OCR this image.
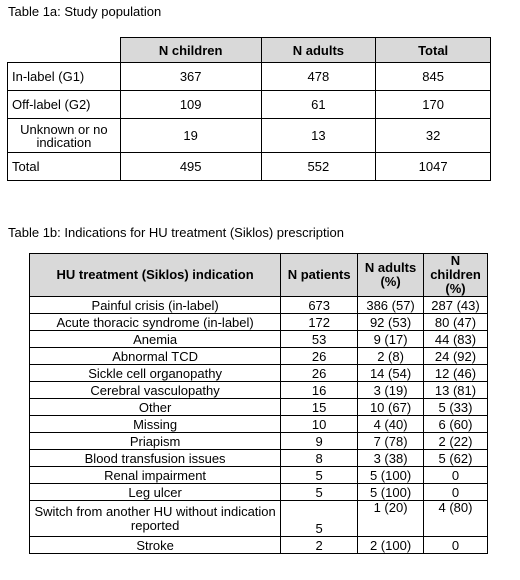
Table 1a: Study population
	N children	N adults	Total
In-label (G1)	367	478	845
Off-label (G2)	109	61	170
Unknown or no indication	19	13	32
Total	495	552	1047
Table 1b: Indications for HU treatment (Siklos) prescription
HU treatment (Siklos) indication	N patients	N adults (%)	N children (%)
Painful crisis (in-label)	673	386 (57)	287 (43)
Acute thoracic syndrome (in-label)	172	92 (53)	80 (47)
Anemia	53	9 (17)	44 (83)
Abnormal TCD	26	2 (8)	24 (92)
Sickle cell organopathy	26	14 (54)	12 (46)
Cerebral vasculopathy	16	3 (19)	13 (81)
Other	15	10 (67)	5 (33)
Missing	10	4 (40)	6 (60)
Priapism	9	7 (78)	2 (22)
Blood transfusion issues	8	3 (38)	5 (62)
Renal impairment	5	5 (100)	0
Leg ulcer	5	5 (100)	0
Switch from another HU without indication reported	5	1 (20)	4 (80)
Stroke	2	2 (100)	0
